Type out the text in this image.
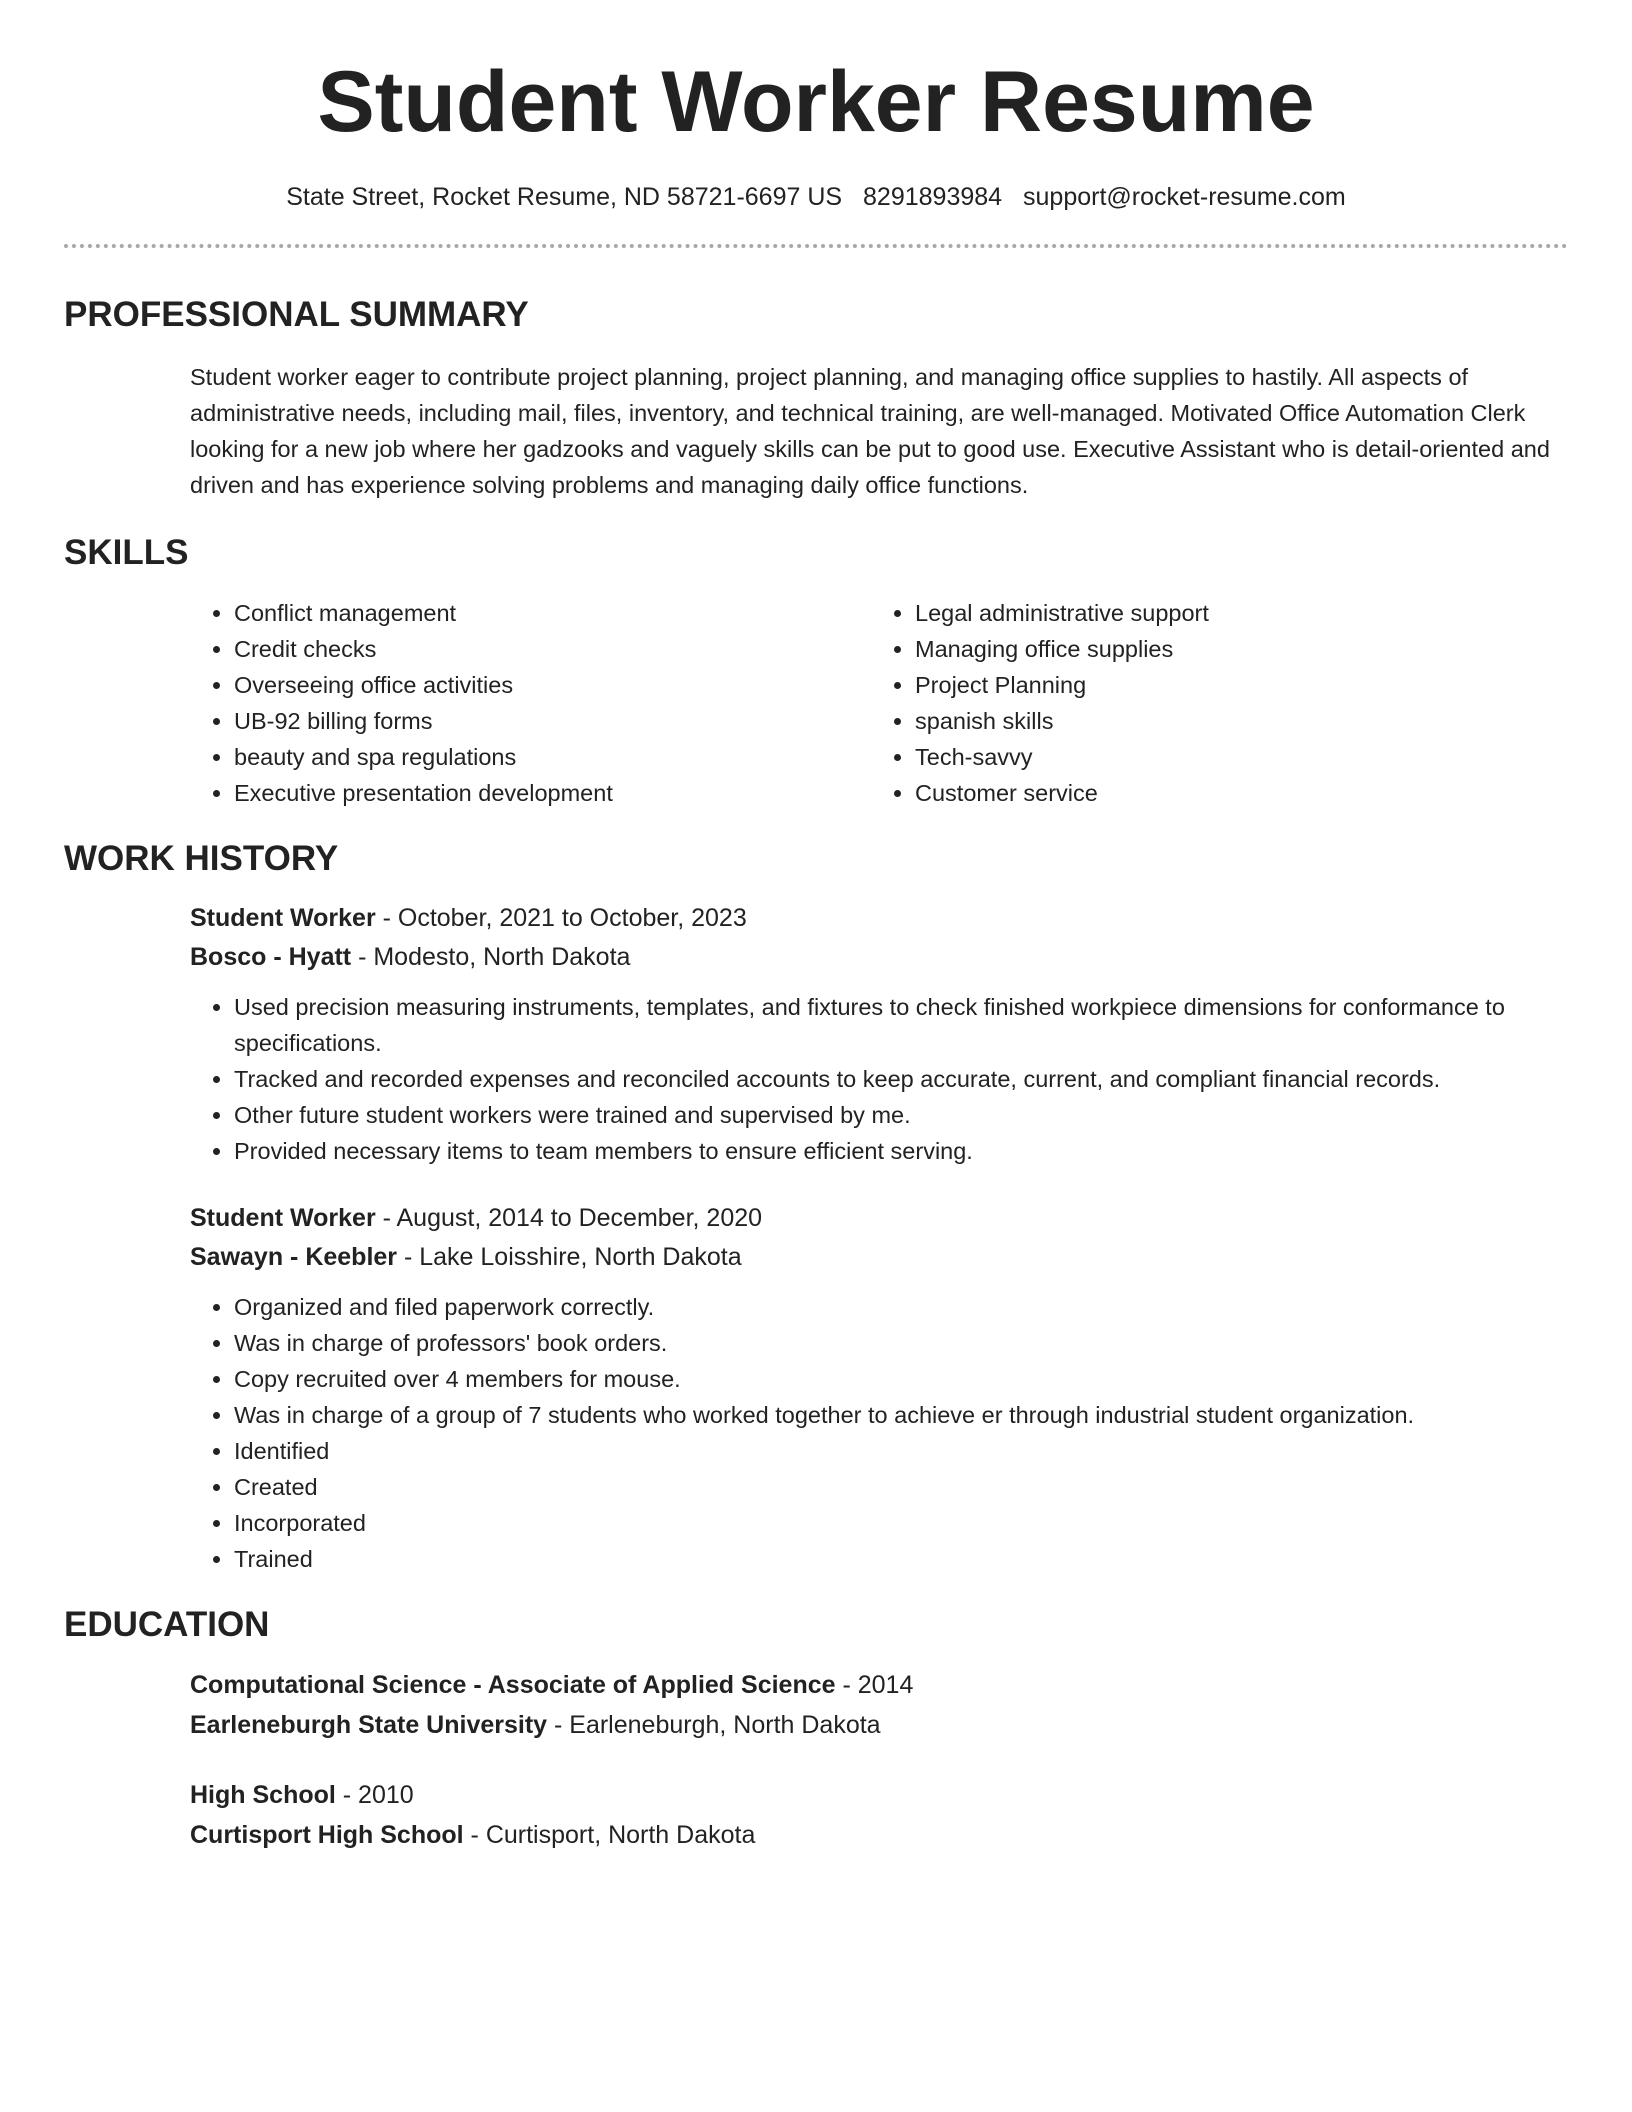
Student Worker Resume
State Street, Rocket Resume, ND 58721-6697 US 8291893984 support@rocket-resume.com
PROFESSIONAL SUMMARY

Student worker eager to contribute project planning, project planning, and managing office supplies to hastily. All aspects of administrative needs, including mail, files, inventory, and technical training, are well-managed. Motivated Office Automation Clerk looking for a new job where her gadzooks and vaguely skills can be put to good use. Executive Assistant who is detail-oriented and driven and has experience solving problems and managing daily office functions.

SKILLS
• Conflict management
• Credit checks
• Overseeing office activities
• UB-92 billing forms
• beauty and spa regulations
• Executive presentation development
• Legal administrative support
• Managing office supplies
• Project Planning
• spanish skills
• Tech-savvy
• Customer service
WORK HISTORY
Student Worker - October, 2021 to October, 2023
Bosco - Hyatt - Modesto, North Dakota
• Used precision measuring instruments, templates, and fixtures to check finished workpiece dimensions for conformance to specifications.
• Tracked and recorded expenses and reconciled accounts to keep accurate, current, and compliant financial records.
• Other future student workers were trained and supervised by me.
• Provided necessary items to team members to ensure efficient serving.
Student Worker - August, 2014 to December, 2020
Sawayn - Keebler - Lake Loisshire, North Dakota
• Organized and filed paperwork correctly.
• Was in charge of professors' book orders.
• Copy recruited over 4 members for mouse.
• Was in charge of a group of 7 students who worked together to achieve er through industrial student organization.
• Identified
• Created
• Incorporated
• Trained
EDUCATION
Computational Science - Associate of Applied Science - 2014
Earleneburgh State University - Earleneburgh, North Dakota
High School - 2010
Curtisport High School - Curtisport, North Dakota
